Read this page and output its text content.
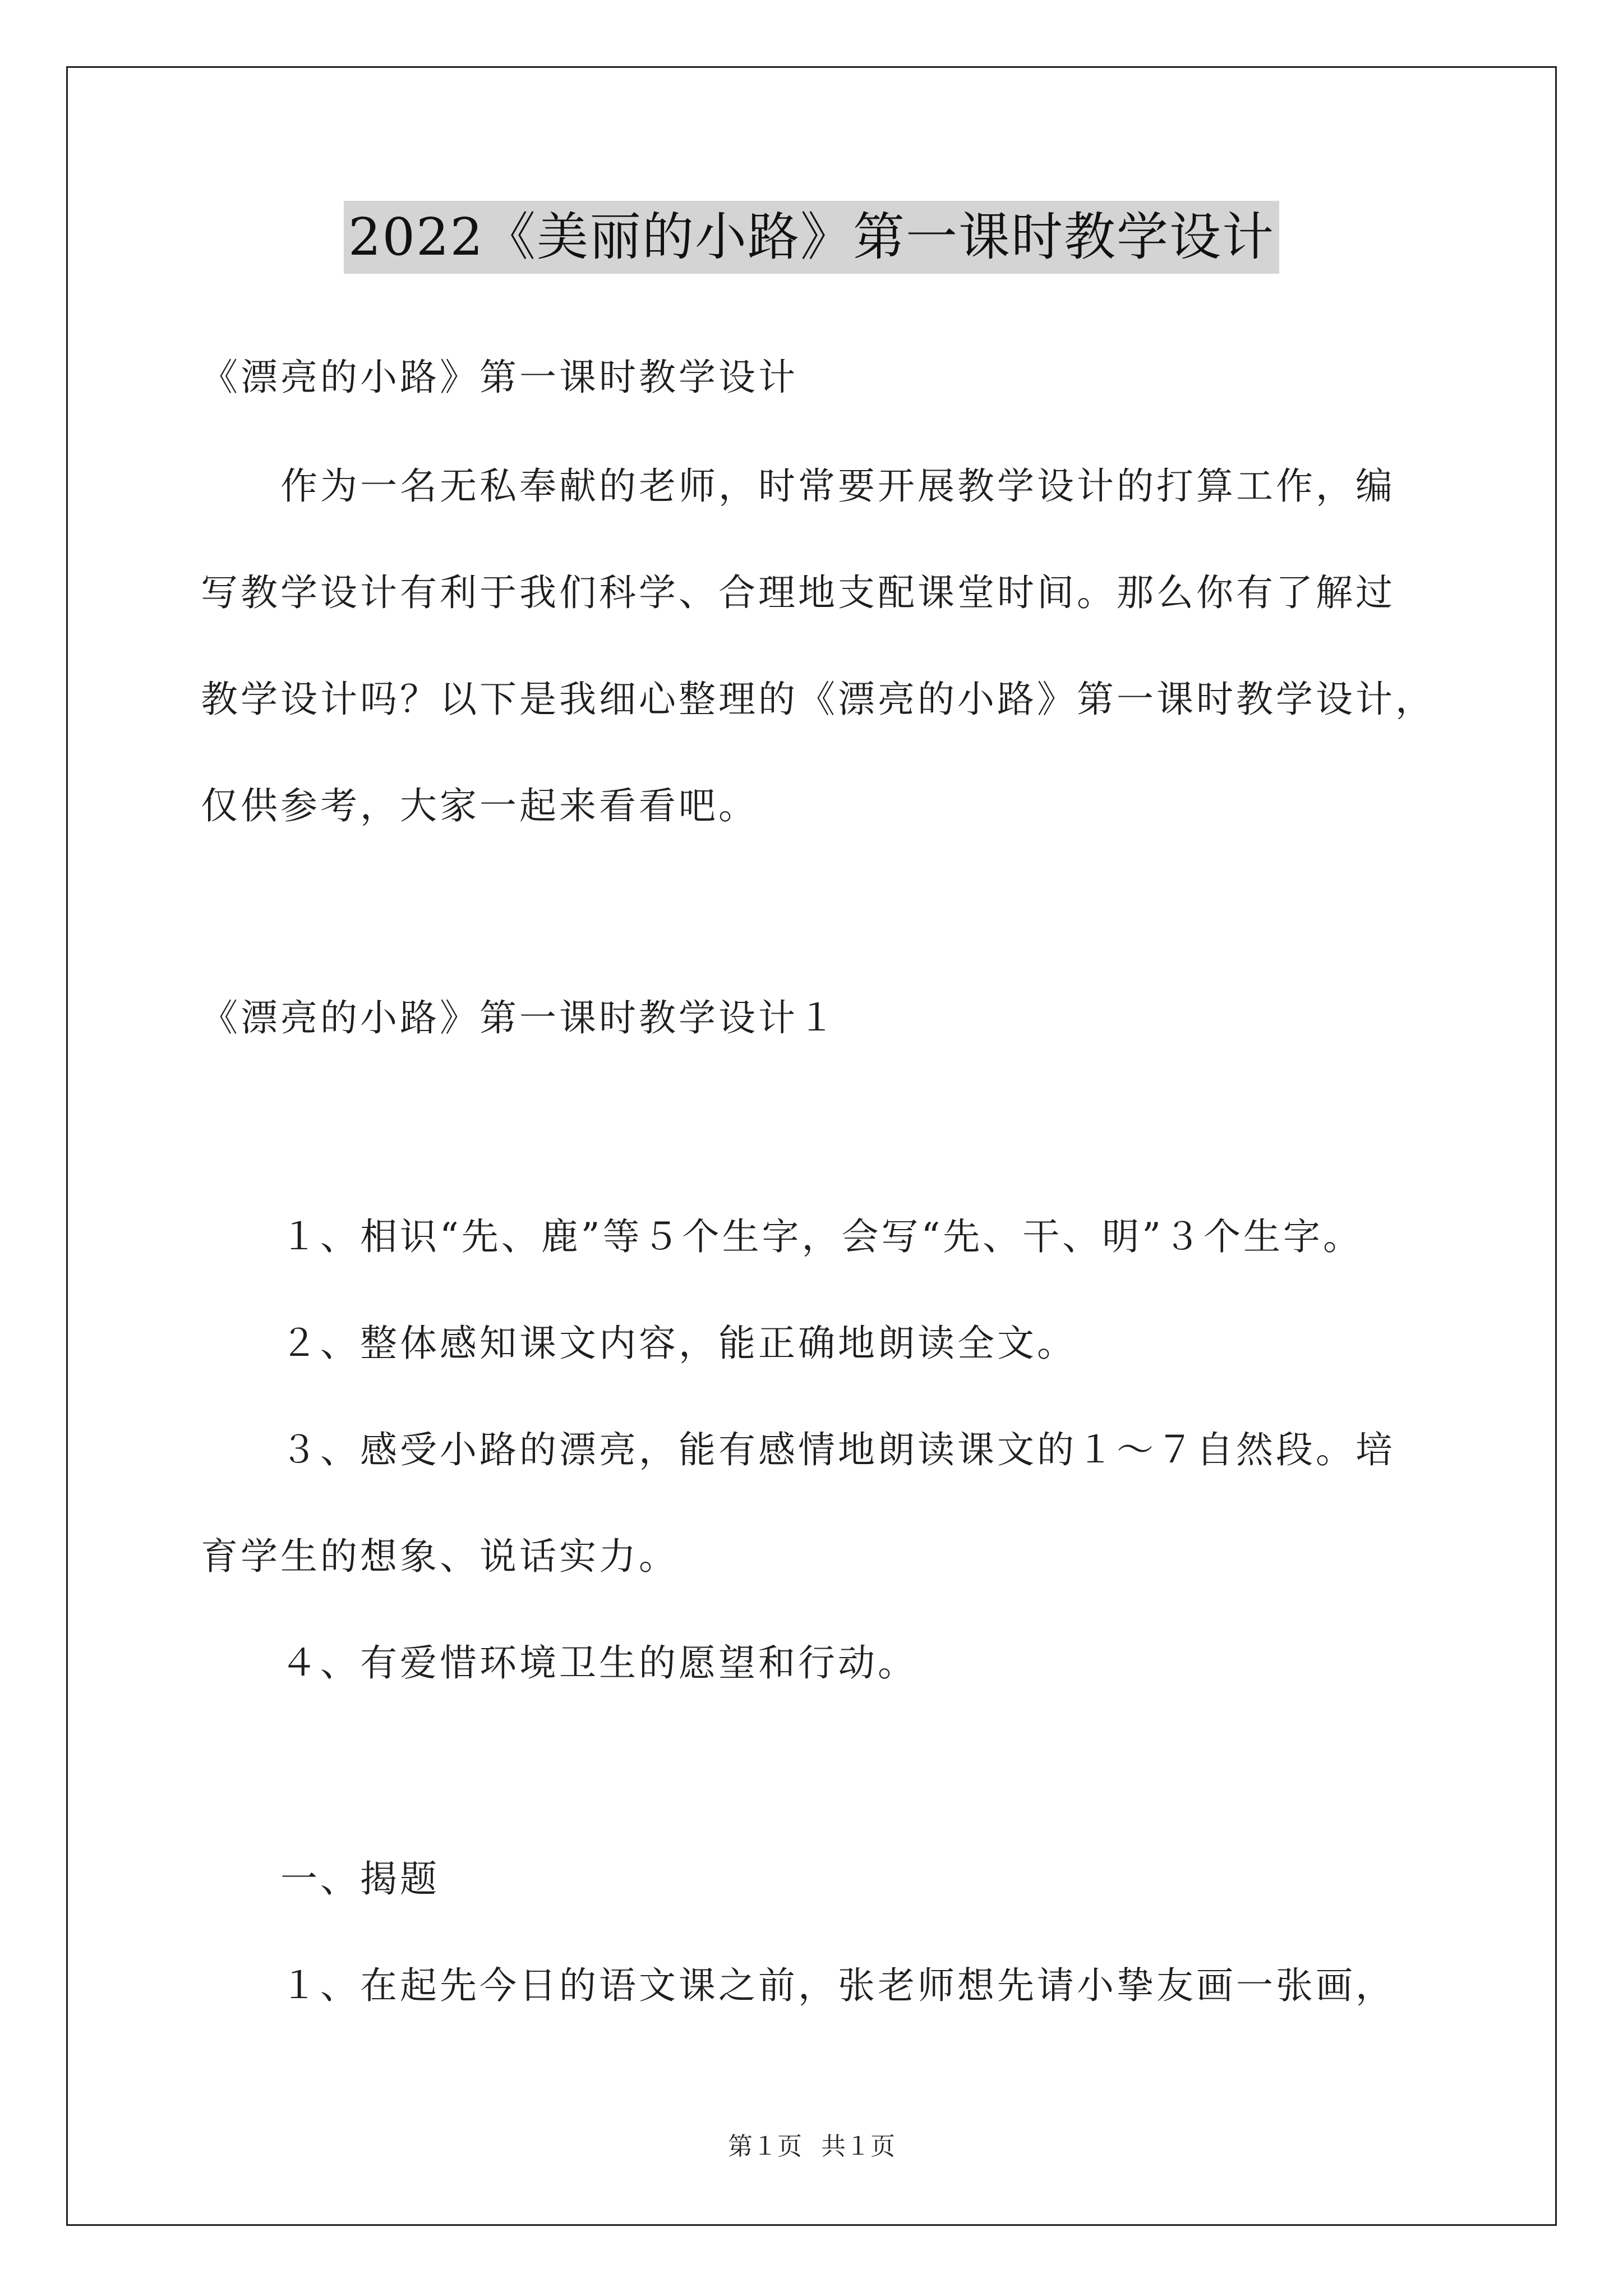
2022《美丽的小路》第一课时教学设计
《漂亮的小路》第一课时教学设计
作为一名无私奉献的老师，时常要开展教学设计的打算工作，编
写教学设计有利于我们科学、合理地支配课堂时间。那么你有了解过
教学设计吗？以下是我细心整理的《漂亮的小路》第一课时教学设计，
仅供参考，大家一起来看看吧。
《漂亮的小路》第一课时教学设计１
１、相识“先、鹿”等５个生字，会写“先、干、明”３个生字。
２、整体感知课文内容，能正确地朗读全文。
３、感受小路的漂亮，能有感情地朗读课文的１～７自然段。培
育学生的想象、说话实力。
４、有爱惜环境卫生的愿望和行动。
一、揭题
１、在起先今日的语文课之前，张老师想先请小挚友画一张画，
第１页 共１页
